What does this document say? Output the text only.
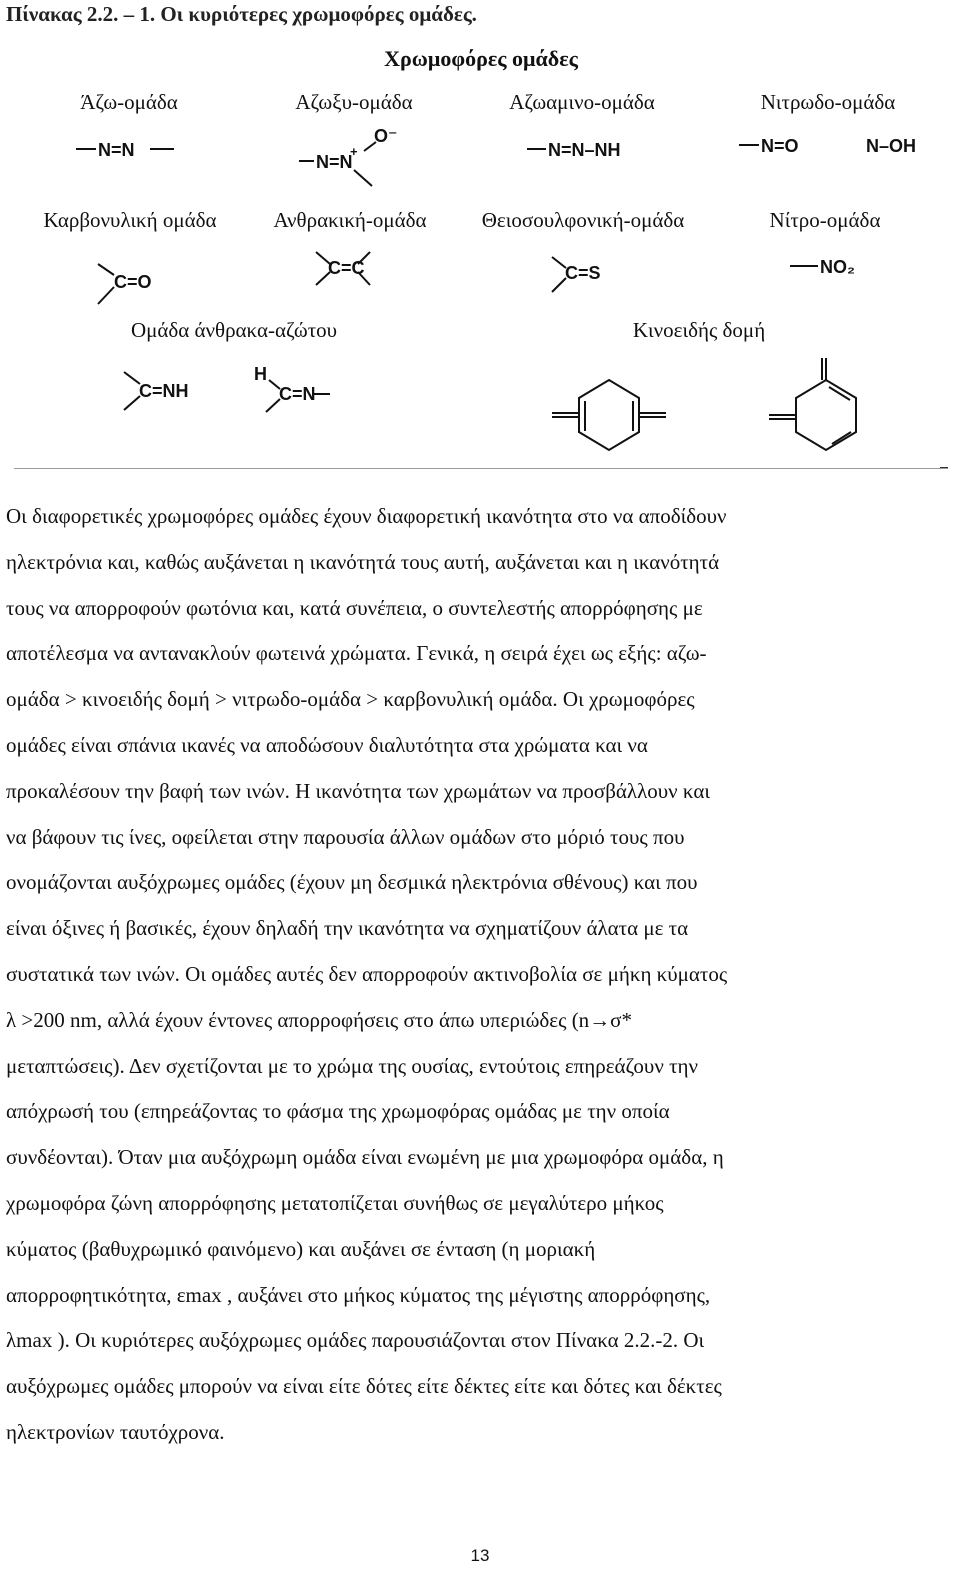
Πίνακας 2.2. – 1. Οι κυριότερες χρωμοφόρες ομάδες.
Χρωμοφόρες ομάδες
Άζω-ομάδα	Αζωξυ-ομάδα	Αζωαμινο-ομάδα	Νιτρωδο-ομάδα
Καρβονυλική ομάδα	Ανθρακική-ομάδα	Θειοσουλφονική-ομάδα	Νίτρο-ομάδα
Ομάδα άνθρακα-αζώτου	Κινοειδής δομή
N=N
N=N
O⁻
+	N=N–NH	N=O	N–OH
C=O
C=C	C=S	NO₂
C=NH
H
C=N

Οι διαφορετικές χρωμοφόρες ομάδες έχουν διαφορετική ικανότητα στο να αποδίδουν

ηλεκτρόνια και, καθώς αυξάνεται η ικανότητά τους αυτή, αυξάνεται και η ικανότητά

τους να απορροφούν φωτόνια και, κατά συνέπεια, ο συντελεστής απορρόφησης με

αποτέλεσμα να αντανακλούν φωτεινά χρώματα. Γενικά, η σειρά έχει ως εξής: αζω-

ομάδα > κινοειδής δομή > νιτρωδο-ομάδα > καρβονυλική ομάδα. Οι χρωμοφόρες

ομάδες είναι σπάνια ικανές να αποδώσουν διαλυτότητα στα χρώματα και να

προκαλέσουν την βαφή των ινών. Η ικανότητα των χρωμάτων να προσβάλλουν και

να βάφουν τις ίνες, οφείλεται στην παρουσία άλλων ομάδων στο μόριό τους που

ονομάζονται αυξόχρωμες ομάδες (έχουν μη δεσμικά ηλεκτρόνια σθένους) και που

είναι όξινες ή βασικές, έχουν δηλαδή την ικανότητα να σχηματίζουν άλατα με τα

συστατικά των ινών. Οι ομάδες αυτές δεν απορροφούν ακτινοβολία σε μήκη κύματος

λ >200 nm, αλλά έχουν έντονες απορροφήσεις στο άπω υπεριώδες (n→σ*

μεταπτώσεις). Δεν σχετίζονται με το χρώμα της ουσίας, εντούτοις επηρεάζουν την

απόχρωσή του (επηρεάζοντας το φάσμα της χρωμοφόρας ομάδας με την οποία

συνδέονται). Όταν μια αυξόχρωμη ομάδα είναι ενωμένη με μια χρωμοφόρα ομάδα, η

χρωμοφόρα ζώνη απορρόφησης μετατοπίζεται συνήθως σε μεγαλύτερο μήκος

κύματος (βαθυχρωμικό φαινόμενο) και αυξάνει σε ένταση (η μοριακή

απορροφητικότητα, εmax , αυξάνει στο μήκος κύματος της μέγιστης απορρόφησης,

λmax ). Οι κυριότερες αυξόχρωμες ομάδες παρουσιάζονται στον Πίνακα 2.2.-2. Οι

αυξόχρωμες ομάδες μπορούν να είναι είτε δότες είτε δέκτες είτε και δότες και δέκτες

ηλεκτρονίων ταυτόχρονα.

13
